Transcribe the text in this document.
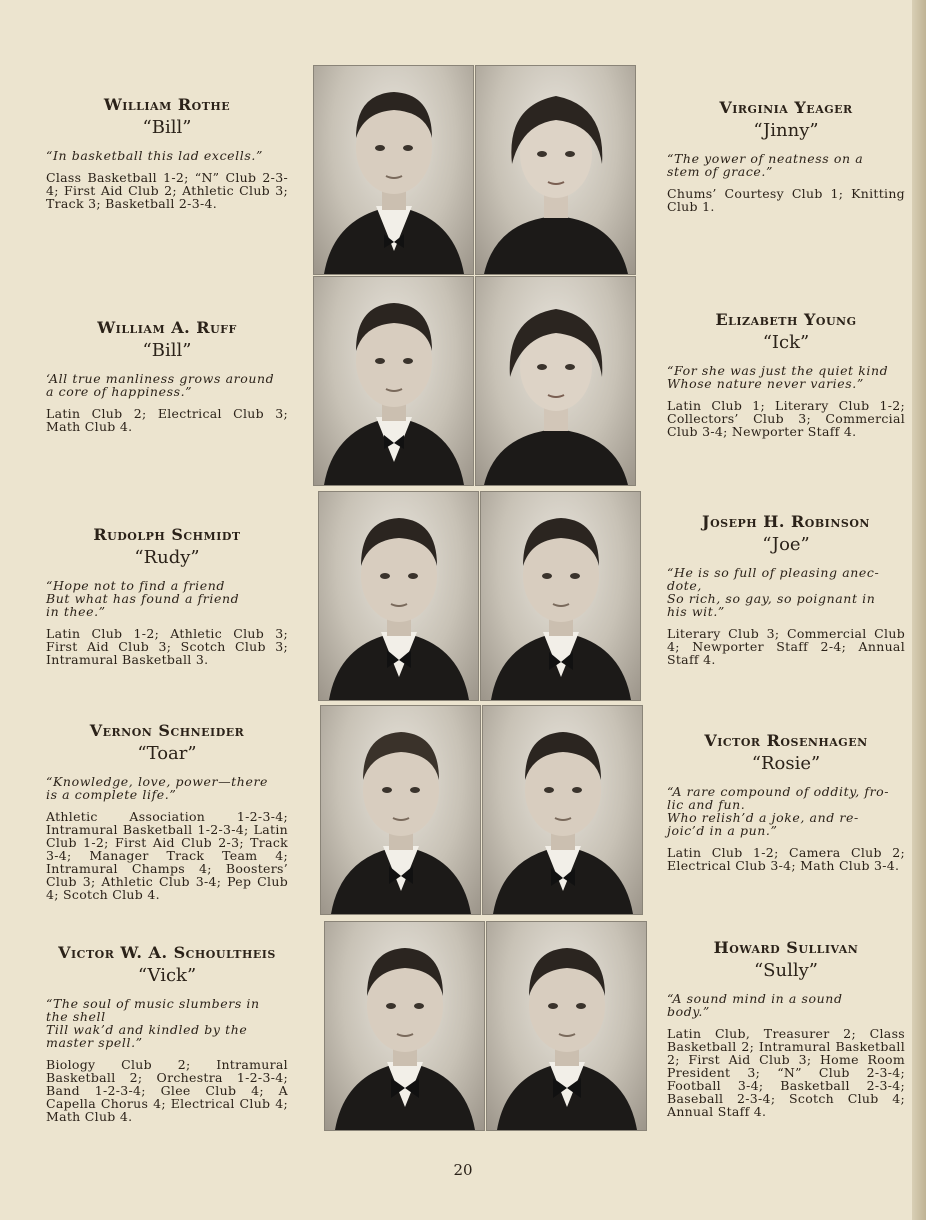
William Rothe
“Bill”

“In basketball this lad excells.”

Class Basketball 1-2; “N” Club 2-3-4; First Aid Club 2; Athletic Club 3; Track 3; Basketball 2-3-4.

William A. Ruff
“Bill”

‘All true manliness grows around
a core of happiness.”

Latin Club 2; Electrical Club 3; Math Club 4.

Rudolph Schmidt
“Rudy”

“Hope not to find a friend
But what has found a friend
in thee.”

Latin Club 1-2; Athletic Club 3; First Aid Club 3; Scotch Club 3; Intramural Basketball 3.

Vernon Schneider
“Toar”

“Knowledge, love, power—there
is a complete life.”

Athletic Association 1-2-3-4; Intramural Basketball 1-2-3-4; Latin Club 1-2; First Aid Club 2-3; Track 3-4; Manager Track Team 4; Intramural Champs 4; Boosters’ Club 3; Athletic Club 3-4; Pep Club 4; Scotch Club 4.

Victor W. A. Schoultheis
“Vick”

“The soul of music slumbers in
the shell
Till wak’d and kindled by the
master spell.”

Biology Club 2; Intramural Basketball 2; Orchestra 1-2-3-4; Band 1-2-3-4; Glee Club 4; A Capella Chorus 4; Electrical Club 4; Math Club 4.

Virginia Yeager
“Jinny”

“The yower of neatness on a
stem of grace.”

Chums’ Courtesy Club 1; Knitting Club 1.

Elizabeth Young
“Ick”

“For she was just the quiet kind
Whose nature never varies.”

Latin Club 1; Literary Club 1-2; Collectors’ Club 3; Commercial Club 3-4; Newporter Staff 4.

Joseph H. Robinson
“Joe”

“He is so full of pleasing anec-
dote,
So rich, so gay, so poignant in
his wit.”

Literary Club 3; Commercial Club 4; Newporter Staff 2-4; Annual Staff 4.

Victor Rosenhagen
“Rosie”

“A rare compound of oddity, fro-
lic and fun.
Who relish’d a joke, and re-
joic’d in a pun.”

Latin Club 1-2; Camera Club 2; Electrical Club 3-4; Math Club 3-4.

Howard Sullivan
“Sully”

“A sound mind in a sound
body.”

Latin Club, Treasurer 2; Class Basketball 2; Intramural Basketball 2; First Aid Club 3; Home Room President 3; “N” Club 2-3-4; Football 3-4; Basketball 2-3-4; Baseball 2-3-4; Scotch Club 4; Annual Staff 4.

20
